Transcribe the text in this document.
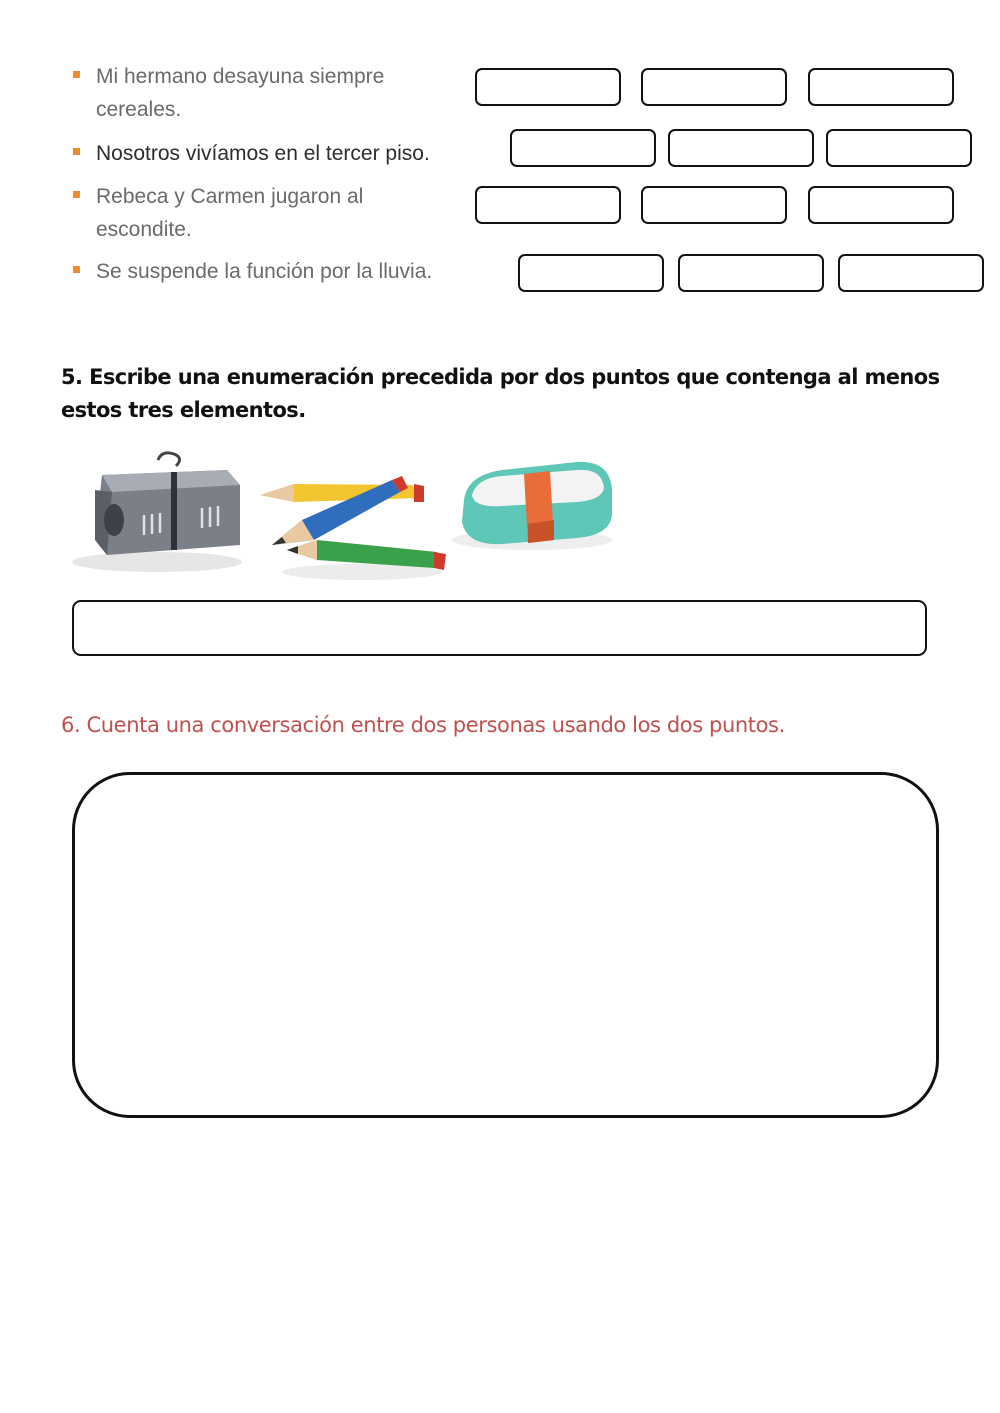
Mi hermano desayuna siempre
cereales.
Nosotros vivíamos en el tercer piso.
Rebeca y Carmen jugaron al
escondite.
Se suspende la función por la lluvia.
5. Escribe una enumeración precedida por dos puntos que contenga al menos
estos tres elementos.
6. Cuenta una conversación entre dos personas usando los dos puntos.
